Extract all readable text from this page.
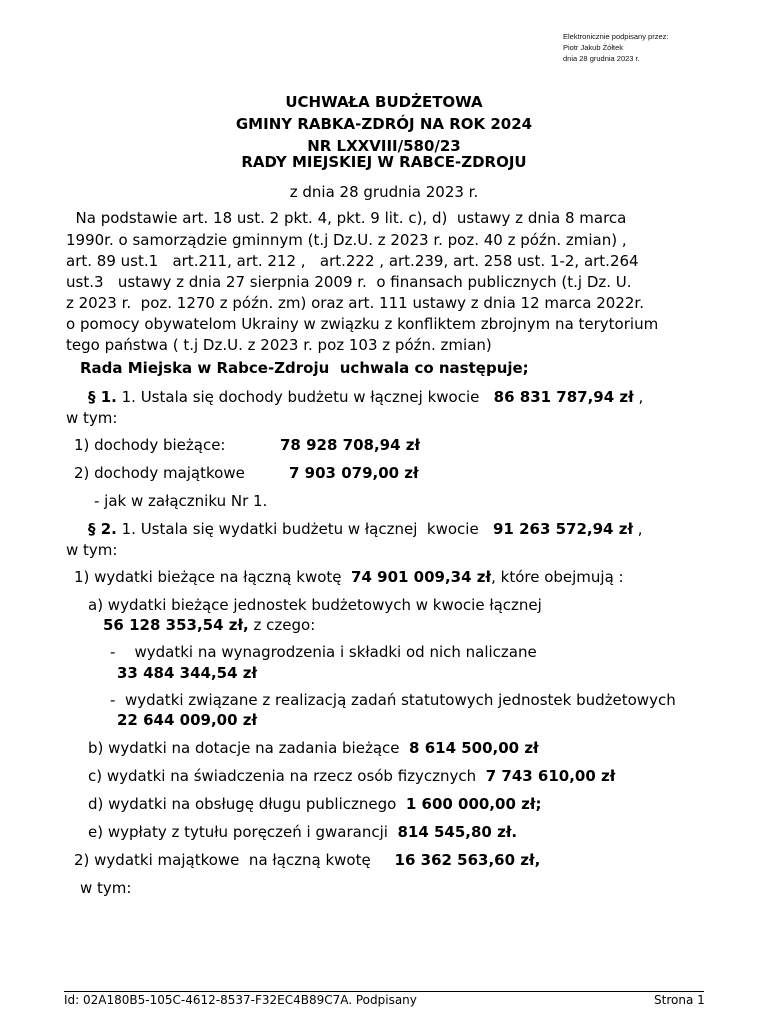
Elektronicznie podpisany przez:
Piotr Jakub Żółtek
dnia 28 grudnia 2023 r.
UCHWAŁA BUDŻETOWA
GMINY RABKA-ZDRÓJ NA ROK 2024
NR LXXVIII/580/23
RADY MIEJSKIEJ W RABCE-ZDROJU
z dnia 28 grudnia 2023 r.
Na podstawie art. 18 ust. 2 pkt. 4, pkt. 9 lit. c), d)  ustawy z dnia 8 marca
1990r. o samorządzie gminnym (t.j Dz.U. z 2023 r. poz. 40 z późn. zmian) ,
art. 89 ust.1   art.211, art. 212 ,   art.222 , art.239, art. 258 ust. 1-2, art.264
ust.3   ustawy z dnia 27 sierpnia 2009 r.  o finansach publicznych (t.j Dz. U.
z 2023 r.  poz. 1270 z późn. zm) oraz art. 111 ustawy z dnia 12 marca 2022r.
o pomocy obywatelom Ukrainy w związku z konfliktem zbrojnym na terytorium
tego państwa ( t.j Dz.U. z 2023 r. poz 103 z późn. zmian)
Rada Miejska w Rabce-Zdroju  uchwala co następuje;
§ 1. 1. Ustala się dochody budżetu w łącznej kwocie   86 831 787,94 zł ,
w tym:
1) dochody bieżące:	78 928 708,94 zł
2) dochody majątkowe	7 903 079,00 zł
- jak w załączniku Nr 1.
§ 2. 1. Ustala się wydatki budżetu w łącznej  kwocie   91 263 572,94 zł ,
w tym:
1) wydatki bieżące na łączną kwotę  74 901 009,34 zł, które obejmują :
a) wydatki bieżące jednostek budżetowych w kwocie łącznej
56 128 353,54 zł, z czego:
-    wydatki na wynagrodzenia i składki od nich naliczane
33 484 344,54 zł
-  wydatki związane z realizacją zadań statutowych jednostek budżetowych
22 644 009,00 zł
b) wydatki na dotacje na zadania bieżące  8 614 500,00 zł
c) wydatki na świadczenia na rzecz osób fizycznych  7 743 610,00 zł
d) wydatki na obsługę długu publicznego  1 600 000,00 zł;
e) wypłaty z tytułu poręczeń i gwarancji  814 545,80 zł.
2) wydatki majątkowe  na łączną kwotę     16 362 563,60 zł,
w tym:
Id: 02A180B5-105C-4612-8537-F32EC4B89C7A. Podpisany	Strona 1
